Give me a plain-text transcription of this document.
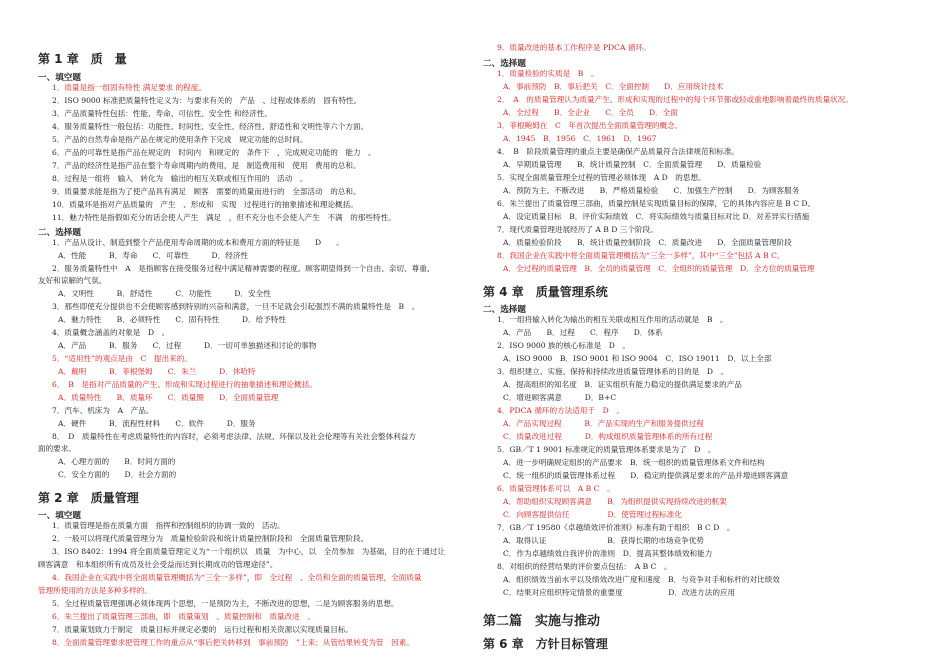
第 1 章　质　量
一、填空题
1．质量是指一组固有特性 满足要求 的程度。
2．ISO 9000 标准把质量特性定义为：与要求有关的　产品　、过程或体系的　固有特性。
3．产品质量特性包括：性能、寿命、可信性、安全性 和经济性。
4．服务质量特性一般包括：功能性、时间性、安全性、经济性、舒适性和文明性等六个方面。
5．产品的自然寿命是指产品在规定的使用条件下完成　规定功能的总时间。
6．产品的可靠性是指产品在规定的　时间内　和规定的　条件下　，完成规定功能的　能力　。
7．产品的经济性是指产品在整个寿命周期内的费用，是　制造费用和　使用　费用的总和。
8．过程是一组将　输入　转化为　输出的相互关联或相互作用的　活动　。
9．质量要求能是指为了使产品具有满足　顾客　需要的质量而进行的　全部活动　的总和。
10．质量环是指对产品质量的　产生　、形成和　实现　过程进行的抽象描述和理论概括。
11．魅力特性是指假如充分的话会使人产生　满足　，但不充分也不会使人产生　不满　的那些特性。
二、选择题
1．产品从设计、制造到整个产品使用寿命周期的成本和费用方面的特征是　　D　　。
A．性能　　　B．寿命　　C．可靠性　　　D．经济性
2．服务质量特性中　A　是指顾客在接受服务过程中满足精神需要的程度。顾客期望得到一个自由、亲切、尊重、
友好和谅解的气氛。
A．文明性　　　B．舒适性　　　C．功能性　　　D．安全性
3．那些即使充分提供也不会使顾客感到特别的兴奋和满意，一旦不足就会引起强烈不满的质量特性是　B　。
A．魅力特性　　B．必须特性　　C．固有特性　　　D．给予特性
4．质量概念涵盖的对象是　D　。
A．产品　　　B．服务　　C．过程　　　D．一切可单独描述和讨论的事物
5．“适用性”的观点是由　C　提出来的。
A．戴明　　　B．菲根堡姆　　C．朱兰　　　D．休哈特
6．　B　是指对产品质量的产生、形成和实现过程进行的抽象描述和理论概括。
A．质量特性　　B．质量环　　C．质量圈　　D．全面质量管理
7．汽车、机床为　A　产品。
A．硬件　　　B．流程性材料　　C．软件　　　D．服务
8．　D　质量特性在考虑质量特性的内容时，必须考虑法律、法规、环保以及社会伦理等有关社会整体利益方
面的要求。
A．心理方面的　　B．时间方面的
C．安全方面的　　D．社会方面的
第 2 章　质量管理
一、填空题
1．质量管理是指在质量方面　指挥和控制组织的协调一致的　活动。
2．一般可以将现代质量管理分为　质量检验阶段和统计质量控制阶段和　全面质量管理阶段。
3．ISO 8402：1994 将全面质量管理定义为“一个组织以　质量　为中心，以　全员参加　为基础，目的在于通过让
顾客满意　和本组织所有成员及社会受益而达到长期成功的管理途径”。
4．我国企业在实践中将全面质量管理概括为“三全一多样”，即　全过程　、全员和全面的质量管理，全面质量
管理所使用的方法是多种多样的。
5．全过程质量管理强调必须体现两个思想，一是预防为主，不断改进的思想，二是为顾客服务的思想。
6．朱兰提出了质量管理三部曲，即　质量策划　、质量控制和　质量改进　。
7．质量策划致力于制定　质量目标并规定必要的　运行过程和相关资源以实现质量目标。
8．全面质量管理要求把管理工作的重点从“事后把关转移到　事前预防　”上来；从管结果转变为管　因素。
9．质量改进的基本工作程序是 PDCA 循环。
二、选择题
1．质量检验的实质是　B　。
A．事前预防　B．事后把关　C．全面控制　　D．应用统计技术
2．　A　的质量管理认为质量产生、形成和实现的过程中的每个环节都或轻或重地影响着最终的质量状况。
A．全过程　　B．全企业　　C．全员　　D．全面
3．菲根鲍姆在　C　年首次提出全面质量管理的概念。
A．1945　B．1956　C．1961　D．1967
4．　B　阶段质量管理的重点主要是确保产品质量符合法律规范和标准。
A．早期质量管理　　B．统计质量控制　C．全面质量管理　　D．质量检验
5．实现全面质量管理全过程的管理必须体现　A D　的思想。
A．预防为主、不断改进　　B．严格质量检验　　C．加强生产控制　　D．为顾客服务
6．朱兰提出了质量管理三部曲，质量控制是实现质量目标的保障，它的具体内容应是 B C D。
A．设定质量目标　B．评价实际绩效　C．将实际绩效与质量目标对比 D．对差异实行措施
7．现代质量管理进展经历了 A B D 三个阶段。
A．质量检验阶段　　B．统计质量控制阶段　C．质量改进　　D．全面质量管理阶段
8．我国企业在实践中将全面质量管理概括为“三全一多样”，其中“三全”包括 A B C。
A．全过程的质量管理　B．全员的质量管理　C．全组织的质量管理　D．全方位的质量管理
第 4 章　质量管理系统
二、选择题
1．一组将输入转化为输出的相互关联或相互作用的活动就是　B　。
A．产品　　B．过程　　C．程序　　D．体系
2．ISO 9000 族的核心标准是　D　。
A．ISO 9000　B．ISO 9001 和 ISO 9004　C．ISO 19011　D．以上全部
3．组织建立、实施、保持和持续改进质量管理体系的目的是　D　。
A．提高组织的知名度　B．证实组织有能力稳定的提供满足要求的产品
C．增进顾客满意　　　D．B+C
4．PDCA 循环的方法适用于　D　。
A．产品实现过程　　　B．产品实现的生产和服务提供过程
C．质量改进过程　　　D．构成组织质量管理体系的所有过程
5．GB／T 1 9001 标准规定的质量管理体系要求是为了　D　。
A．进一步明确规定组织的产品要求　B．统一组织的质量管理体系文件和结构
C．统一组织的质量管理体系过程　　D．稳定的提供满足要求的产品并增进顾客满意
6．质量管理体系可以　A B C　。
A．帮助组织实现顾客满意　　B．为组织提供实现持续改进的框架
C．向顾客提供信任　　　　　D．使管理过程标准化
7．GB／T 19580《卓越绩效评价准则》标准有助于组织　B C D　。
A．取得认证　　　　　　　　B．获得长期的市场竞争优势
C．作为卓越绩效自我评价的准则　D．提高其整体绩效和能力
8．对组织的经营结果的评价要点包括：　A B C　。
A．组织绩效当前水平以及绩效改进广度和速度　B．与竞争对手和标杆的对比绩效
C．结果对应组织特定情景的重要度　　　　　　D．改进方法的应用
第二篇　实施与推动
第 6 章　方针目标管理
